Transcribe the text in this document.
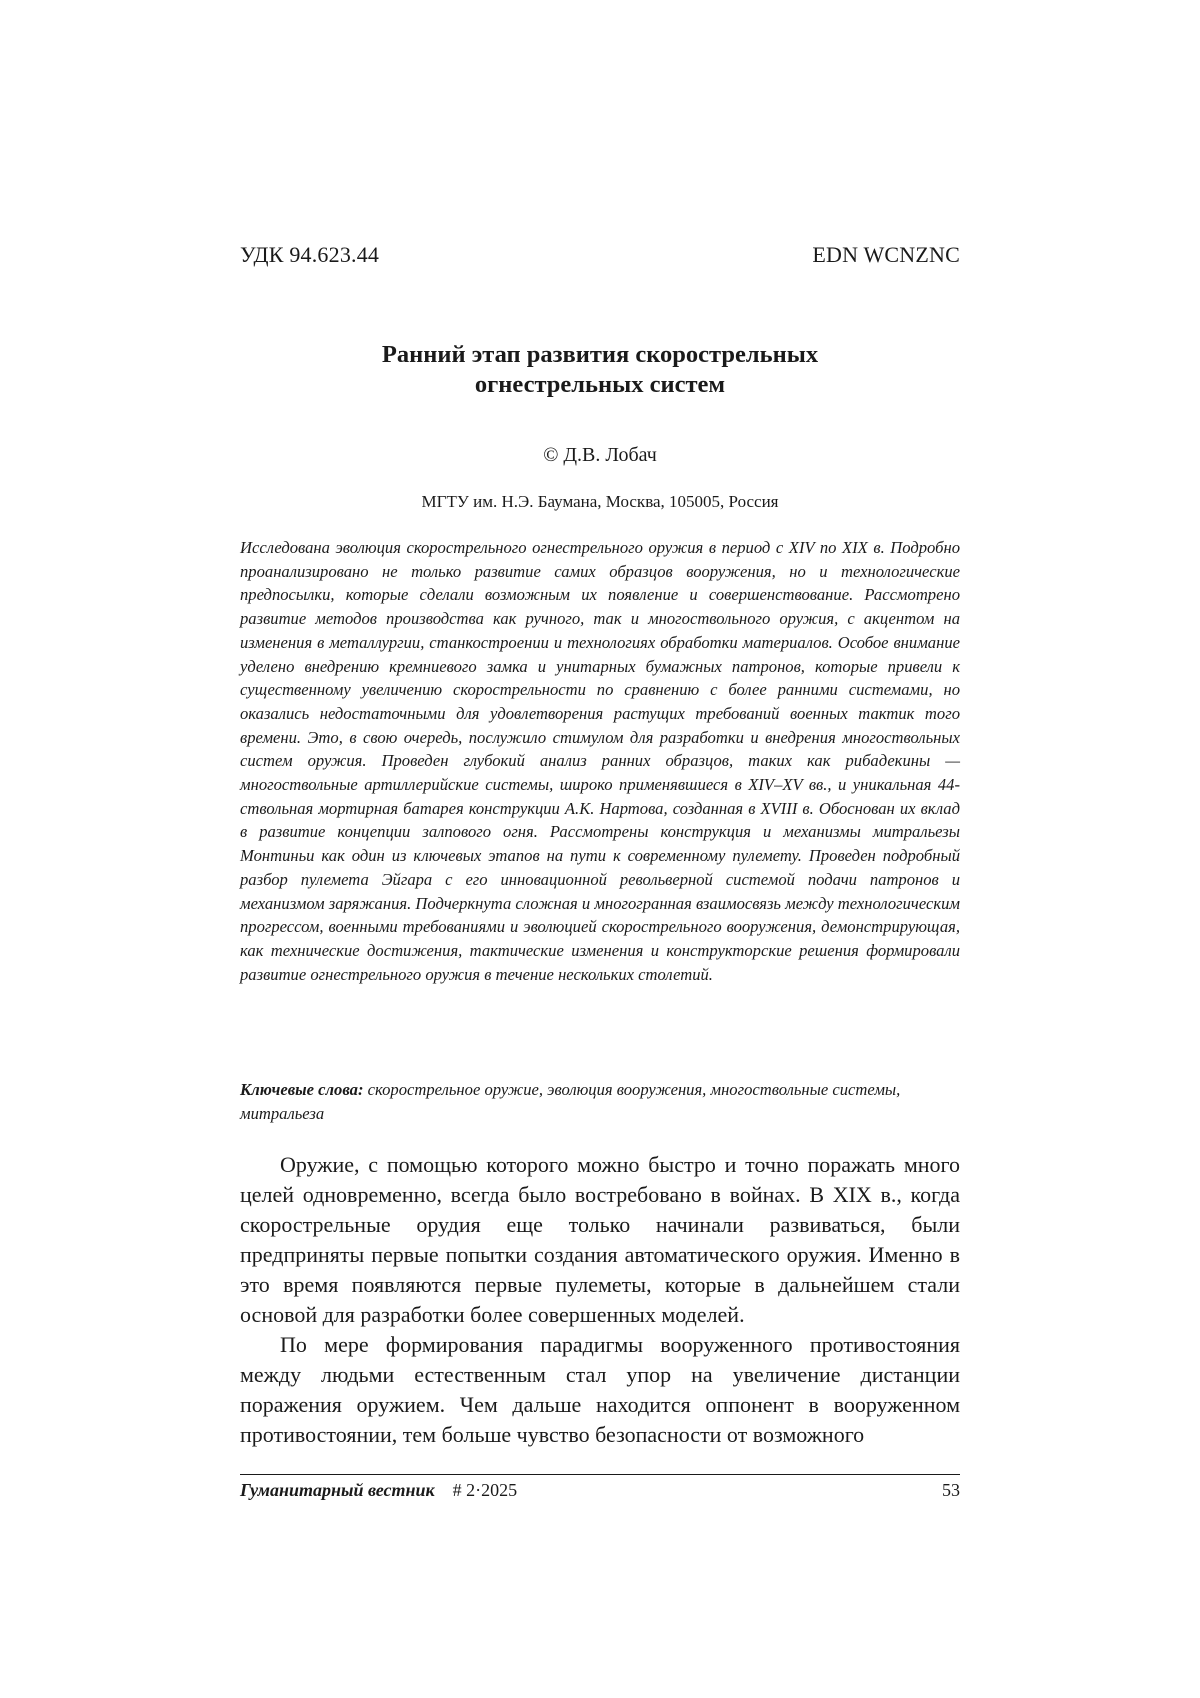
УДК 94.623.44	EDN WCNZNC
Ранний этап развития скорострельных
огнестрельных систем
© Д.В. Лобач
МГТУ им. Н.Э. Баумана, Москва, 105005, Россия

Исследована эволюция скорострельного огнестрельного оружия в период с XIV по XIX в. Подробно проанализировано не только развитие самих образцов вооружения, но и технологические предпосылки, которые сделали возможным их появление и совершенствование. Рассмотрено развитие методов производства как ручного, так и многоствольного оружия, с акцентом на изменения в металлургии, станкостроении и технологиях обработки материалов. Особое внимание уделено внедрению кремниевого замка и унитарных бумажных патронов, которые привели к существенному увеличению скорострельности по сравнению с более ранними системами, но оказались недостаточными для удовлетворения растущих требований военных тактик того времени. Это, в свою очередь, послужило стимулом для разработки и внедрения многоствольных систем оружия. Проведен глубокий анализ ранних образцов, таких как рибадекины — многоствольные артиллерийские системы, широко применявшиеся в XIV–XV вв., и уникальная 44-ствольная мортирная батарея конструкции А.К. Нартова, созданная в XVIII в. Обоснован их вклад в развитие концепции залпового огня. Рассмотрены конструкция и механизмы митральезы Монтиньи как один из ключевых этапов на пути к современному пулемету. Проведен подробный разбор пулемета Эйгара с его инновационной револьверной системой подачи патронов и механизмом заряжания. Подчеркнута сложная и многогранная взаимосвязь между технологическим прогрессом, военными требованиями и эволюцией скорострельного вооружения, демонстрирующая, как технические достижения, тактические изменения и конструкторские решения формировали развитие огнестрельного оружия в течение нескольких столетий.

Ключевые слова: скорострельное оружие, эволюция вооружения, многоствольные системы, митральеза

Оружие, с помощью которого можно быстро и точно поражать много целей одновременно, всегда было востребовано в войнах. В XIX в., когда скорострельные орудия еще только начинали развиваться, были предприняты первые попытки создания автоматического оружия. Именно в это время появляются первые пулеметы, которые в дальнейшем стали основой для разработки более совершенных моделей.

По мере формирования парадигмы вооруженного противостояния между людьми естественным стал упор на увеличение дистанции поражения оружием. Чем дальше находится оппонент в вооруженном противостоянии, тем больше чувство безопасности от возможного

Гуманитарный вестник # 2·2025	53
